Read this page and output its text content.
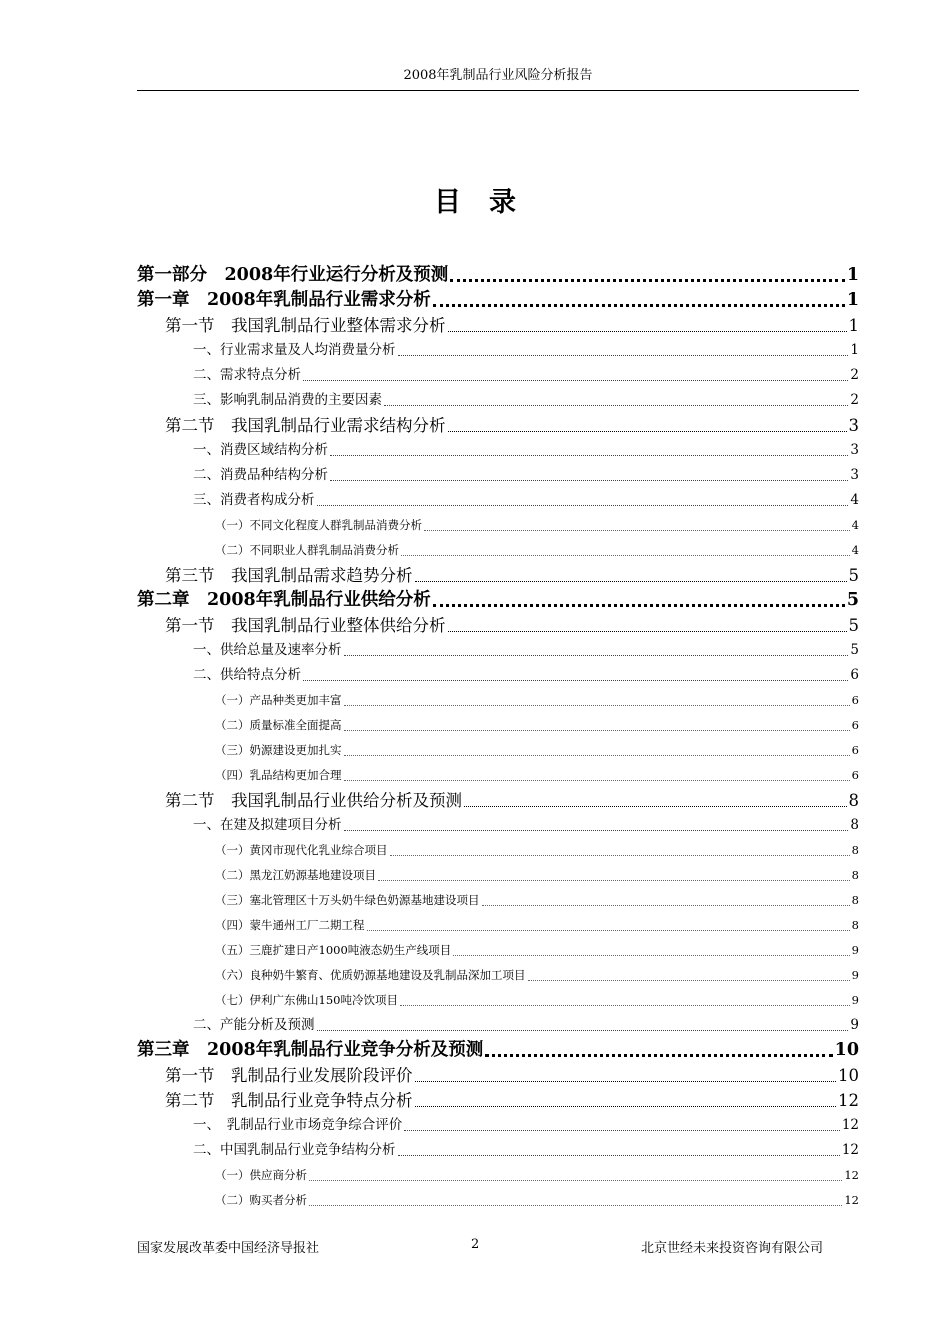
2008年乳制品行业风险分析报告
目录
第一部分　2008年行业运行分析及预测	1
第一章　2008年乳制品行业需求分析	1
第一节　我国乳制品行业整体需求分析	1
一、行业需求量及人均消费量分析	1
二、需求特点分析	2
三、影响乳制品消费的主要因素	2
第二节　我国乳制品行业需求结构分析	3
一、消费区域结构分析	3
二、消费品种结构分析	3
三、消费者构成分析	4
（一）不同文化程度人群乳制品消费分析	4
（二）不同职业人群乳制品消费分析	4
第三节　我国乳制品需求趋势分析	5
第二章　2008年乳制品行业供给分析	5
第一节　我国乳制品行业整体供给分析	5
一、供给总量及速率分析	5
二、供给特点分析	6
（一）产品种类更加丰富	6
（二）质量标准全面提高	6
（三）奶源建设更加扎实	6
（四）乳品结构更加合理	6
第二节　我国乳制品行业供给分析及预测	8
一、在建及拟建项目分析	8
（一）黄冈市现代化乳业综合项目	8
（二）黑龙江奶源基地建设项目	8
（三）塞北管理区十万头奶牛绿色奶源基地建设项目	8
（四）蒙牛通州工厂二期工程	8
（五）三鹿扩建日产1000吨液态奶生产线项目	9
（六）良种奶牛繁育、优质奶源基地建设及乳制品深加工项目	9
（七）伊利广东佛山150吨冷饮项目	9
二、产能分析及预测	9
第三章　2008年乳制品行业竞争分析及预测	10
第一节　乳制品行业发展阶段评价	10
第二节　乳制品行业竞争特点分析	12
一、　乳制品行业市场竞争综合评价	12
二、中国乳制品行业竞争结构分析	12
（一）供应商分析	12
（二）购买者分析	12
国家发展改革委中国经济导报社	2	北京世经未来投资咨询有限公司
